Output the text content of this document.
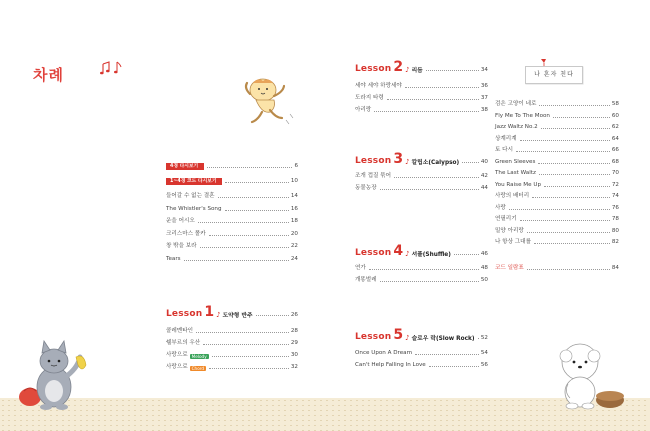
차례
4경 다시보기	6
1~4경 코드 다시보기	10
들어갈 수 없는 결혼	14
The Whistler's Song	16
운을 어시오	18
크리스마스 폴카	20
창 밖을 보라	22
Tears	24
Lesson 1 ♪ 도약형 반주	26
콜레멘타인	28
쉘부르의 우산	29
사랑으로 Melody	30
사랑으로 Chord	32
Lesson 2 ♪ 리듬	34
세야 세야 하랑세야	36
도라지 타령	37
아리랑	38
Lesson 3 ♪ 칼립소(Calypso)	40
조개 껍질 묶어	42
동물농장	44
Lesson 4 ♪ 셔플(Shuffle)	46
연가	48
개똥벌레	50
Lesson 5 ♪ 슬로우 락(Slow Rock) 52
Once Upon A Dream	54
Can't Help Falling In Love	56
나 혼자 친다
검은 고양이 네로	58
Fly Me To The Moon	60
Jazz Waltz No.2	62
상계리계	64
토 다시	66
Green Sleeves	68
The Last Waltz	70
You Raise Me Up	72
사랑의 배터리	74
사랑	76
연필리기	78
밀양 아리랑	80
나 항상 그대를	82
코드 일람표	84
